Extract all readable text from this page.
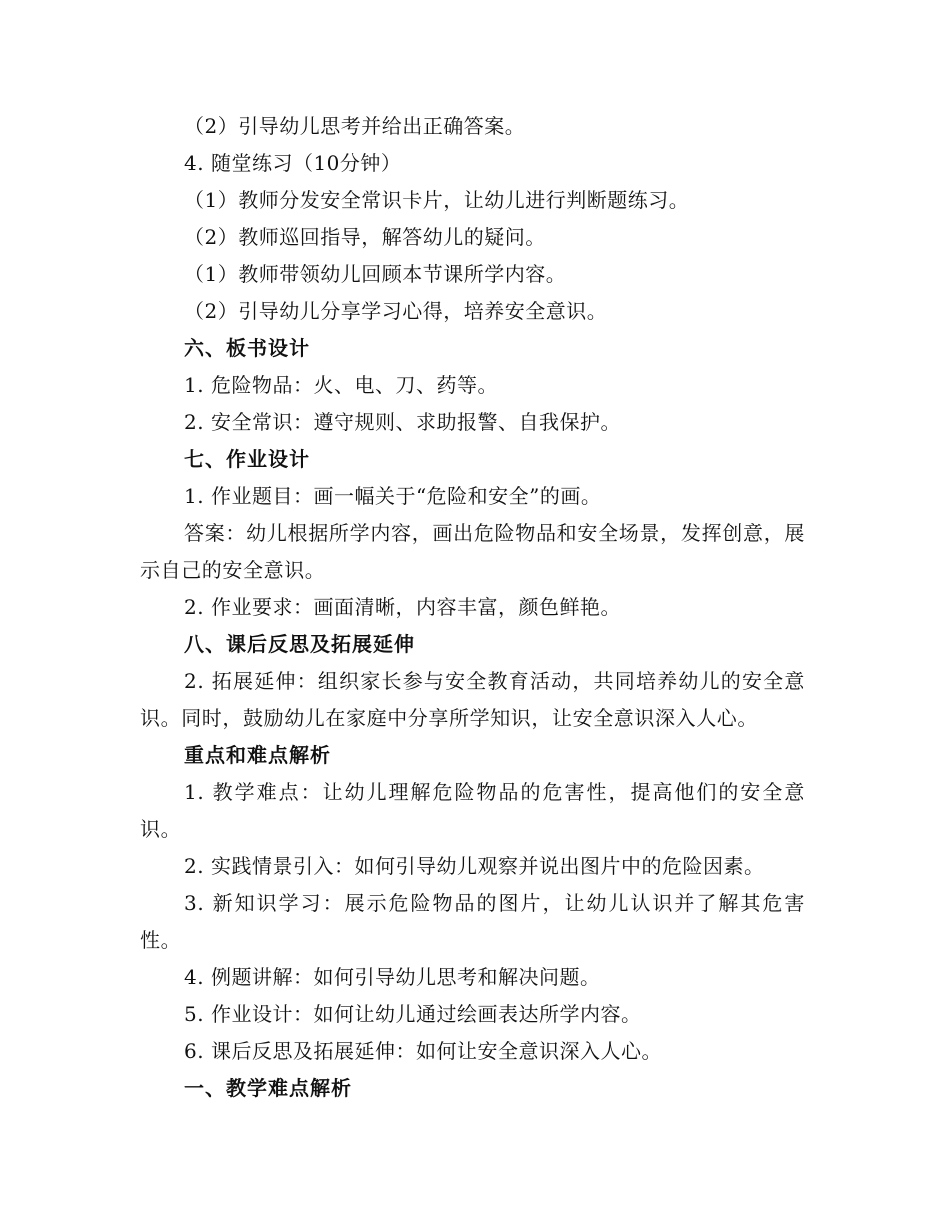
（2）引导幼儿思考并给出正确答案。
4. 随堂练习（10分钟）
（1）教师分发安全常识卡片，让幼儿进行判断题练习。
（2）教师巡回指导，解答幼儿的疑问。
（1）教师带领幼儿回顾本节课所学内容。
（2）引导幼儿分享学习心得，培养安全意识。
六、板书设计
1. 危险物品：火、电、刀、药等。
2. 安全常识：遵守规则、求助报警、自我保护。
七、作业设计
1. 作业题目：画一幅关于“危险和安全”的画。
答案：幼儿根据所学内容，画出危险物品和安全场景，发挥创意，展示自己的安全意识。
2. 作业要求：画面清晰，内容丰富，颜色鲜艳。
八、课后反思及拓展延伸
2. 拓展延伸：组织家长参与安全教育活动，共同培养幼儿的安全意识。同时，鼓励幼儿在家庭中分享所学知识，让安全意识深入人心。
重点和难点解析
1. 教学难点：让幼儿理解危险物品的危害性，提高他们的安全意识。
2. 实践情景引入：如何引导幼儿观察并说出图片中的危险因素。
3. 新知识学习：展示危险物品的图片，让幼儿认识并了解其危害性。
4. 例题讲解：如何引导幼儿思考和解决问题。
5. 作业设计：如何让幼儿通过绘画表达所学内容。
6. 课后反思及拓展延伸：如何让安全意识深入人心。
一、教学难点解析
